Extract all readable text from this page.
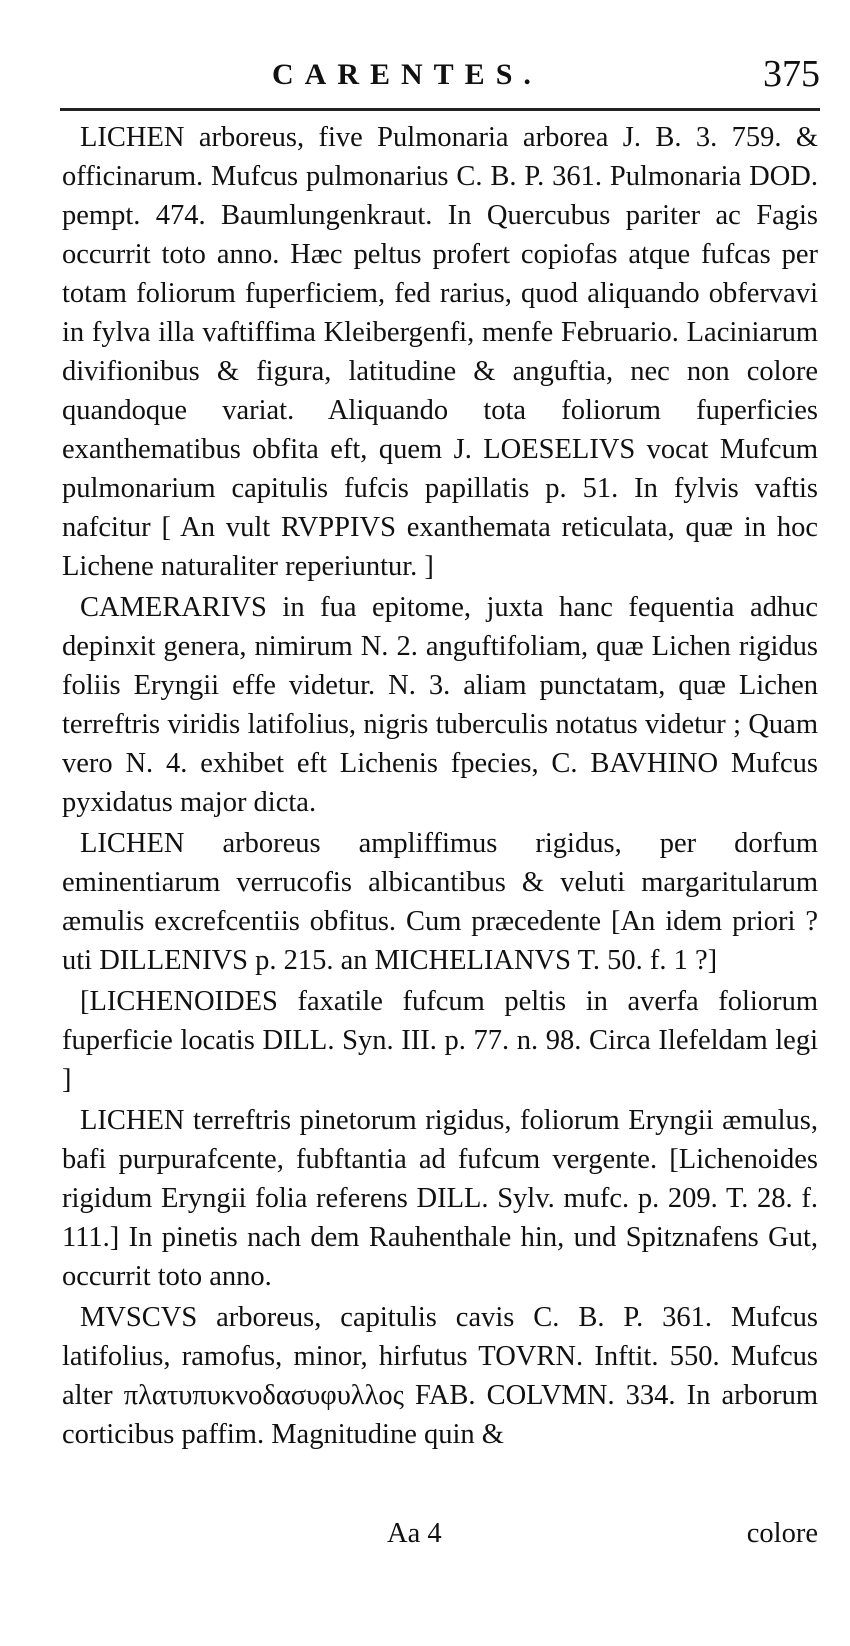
CARENTES.	375

LICHEN arboreus, five Pulmonaria arborea J. B. 3. 759. & officinarum. Mufcus pulmonarius C. B. P. 361. Pulmonaria DOD. pempt. 474. Baumlungenkraut. In Quercubus pariter ac Fagis occurrit toto anno. Hæc peltus profert copiofas atque fufcas per totam foliorum fuperficiem, fed rarius, quod aliquando obfervavi in fylva illa vaftiffima Kleibergenfi, menfe Februario. Laciniarum divifionibus & figura, latitudine & anguftia, nec non colore quandoque variat. Aliquando tota foliorum fuperficies exanthematibus obfita eft, quem J. LOESELIVS vocat Mufcum pulmonarium capitulis fufcis papillatis p. 51. In fylvis vaftis nafcitur [ An vult RVPPIVS exanthemata reticulata, quæ in hoc Lichene naturaliter reperiuntur. ]

CAMERARIVS in fua epitome, juxta hanc fequentia adhuc depinxit genera, nimirum N. 2. anguftifoliam, quæ Lichen rigidus foliis Eryngii effe videtur. N. 3. aliam punctatam, quæ Lichen terreftris viridis latifolius, nigris tuberculis notatus videtur ; Quam vero N. 4. exhibet eft Lichenis fpecies, C. BAVHINO Mufcus pyxidatus major dicta.

LICHEN arboreus ampliffimus rigidus, per dorfum eminentiarum verrucofis albicantibus & veluti margaritularum æmulis excrefcentiis obfitus. Cum præcedente [An idem priori ? uti DILLENIVS p. 215. an MICHELIANVS T. 50. f. 1 ?]

[LICHENOIDES faxatile fufcum peltis in averfa foliorum fuperficie locatis DILL. Syn. III. p. 77. n. 98. Circa Ilefeldam legi ]

LICHEN terreftris pinetorum rigidus, foliorum Eryngii æmulus, bafi purpurafcente, fubftantia ad fufcum vergente. [Lichenoides rigidum Eryngii folia referens DILL. Sylv. mufc. p. 209. T. 28. f. 111.] In pinetis nach dem Rauhenthale hin, und Spitznafens Gut, occurrit toto anno.

MVSCVS arboreus, capitulis cavis C. B. P. 361. Mufcus latifolius, ramofus, minor, hirfutus TOVRN. Inftit. 550. Mufcus alter πλατυπυκνοδασυφυλλος FAB. COLVMN. 334. In arborum corticibus paffim. Magnitudine quin &

Aa 4	colore
